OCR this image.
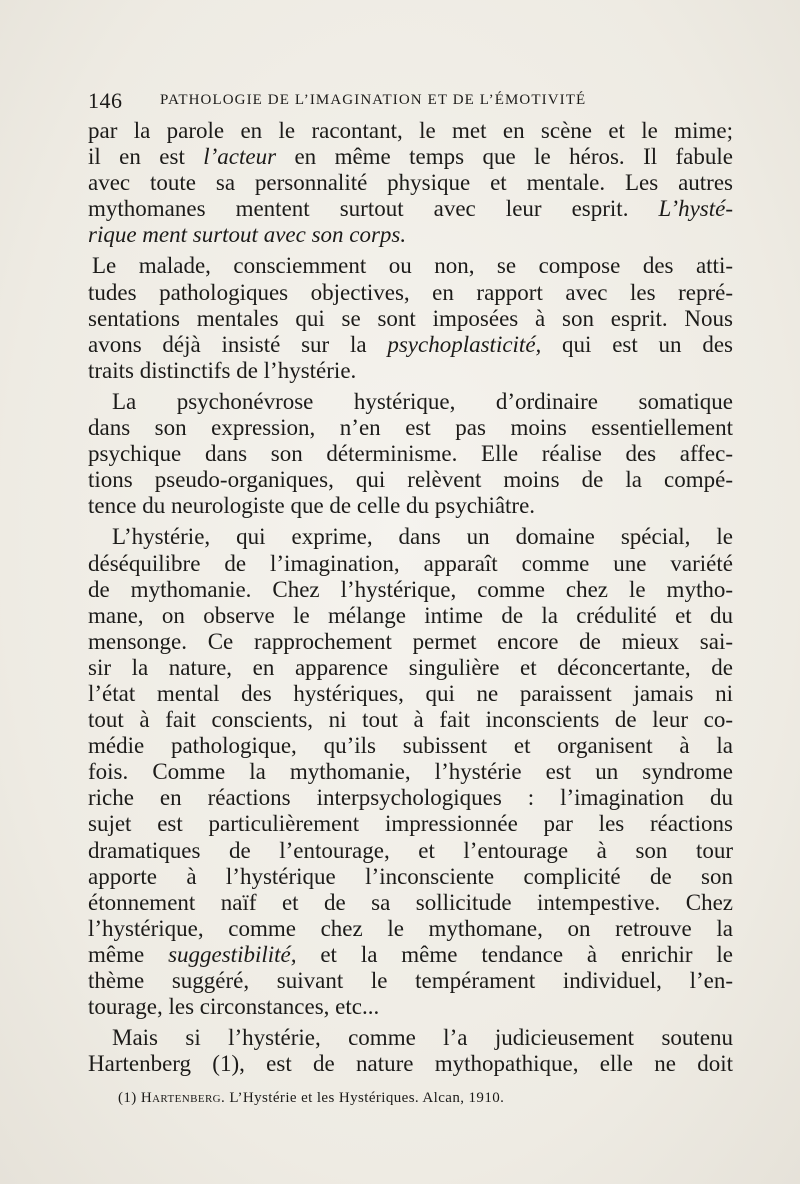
146	PATHOLOGIE DE L’IMAGINATION ET DE L’ÉMOTIVITÉ
par la parole en le racontant, le met en scène et le mime;
il en est l’acteur en même temps que le héros. Il fabule
avec toute sa personnalité physique et mentale. Les autres
mythomanes mentent surtout avec leur esprit. L’hysté-
rique ment surtout avec son corps.
Le malade, consciemment ou non, se compose des atti-
tudes pathologiques objectives, en rapport avec les repré-
sentations mentales qui se sont imposées à son esprit. Nous
avons déjà insisté sur la psychoplasticité, qui est un des
traits distinctifs de l’hystérie.
La psychonévrose hystérique, d’ordinaire somatique
dans son expression, n’en est pas moins essentiellement
psychique dans son déterminisme. Elle réalise des affec-
tions pseudo-organiques, qui relèvent moins de la compé-
tence du neurologiste que de celle du psychiâtre.
L’hystérie, qui exprime, dans un domaine spécial, le
déséquilibre de l’imagination, apparaît comme une variété
de mythomanie. Chez l’hystérique, comme chez le mytho-
mane, on observe le mélange intime de la crédulité et du
mensonge. Ce rapprochement permet encore de mieux sai-
sir la nature, en apparence singulière et déconcertante, de
l’état mental des hystériques, qui ne paraissent jamais ni
tout à fait conscients, ni tout à fait inconscients de leur co-
médie pathologique, qu’ils subissent et organisent à la
fois. Comme la mythomanie, l’hystérie est un syndrome
riche en réactions interpsychologiques : l’imagination du
sujet est particulièrement impressionnée par les réactions
dramatiques de l’entourage, et l’entourage à son tour
apporte à l’hystérique l’inconsciente complicité de son
étonnement naïf et de sa sollicitude intempestive. Chez
l’hystérique, comme chez le mythomane, on retrouve la
même suggestibilité, et la même tendance à enrichir le
thème suggéré, suivant le tempérament individuel, l’en-
tourage, les circonstances, etc...
Mais si l’hystérie, comme l’a judicieusement soutenu
Hartenberg (1), est de nature mythopathique, elle ne doit
(1) Hartenberg. L’Hystérie et les Hystériques. Alcan, 1910.
